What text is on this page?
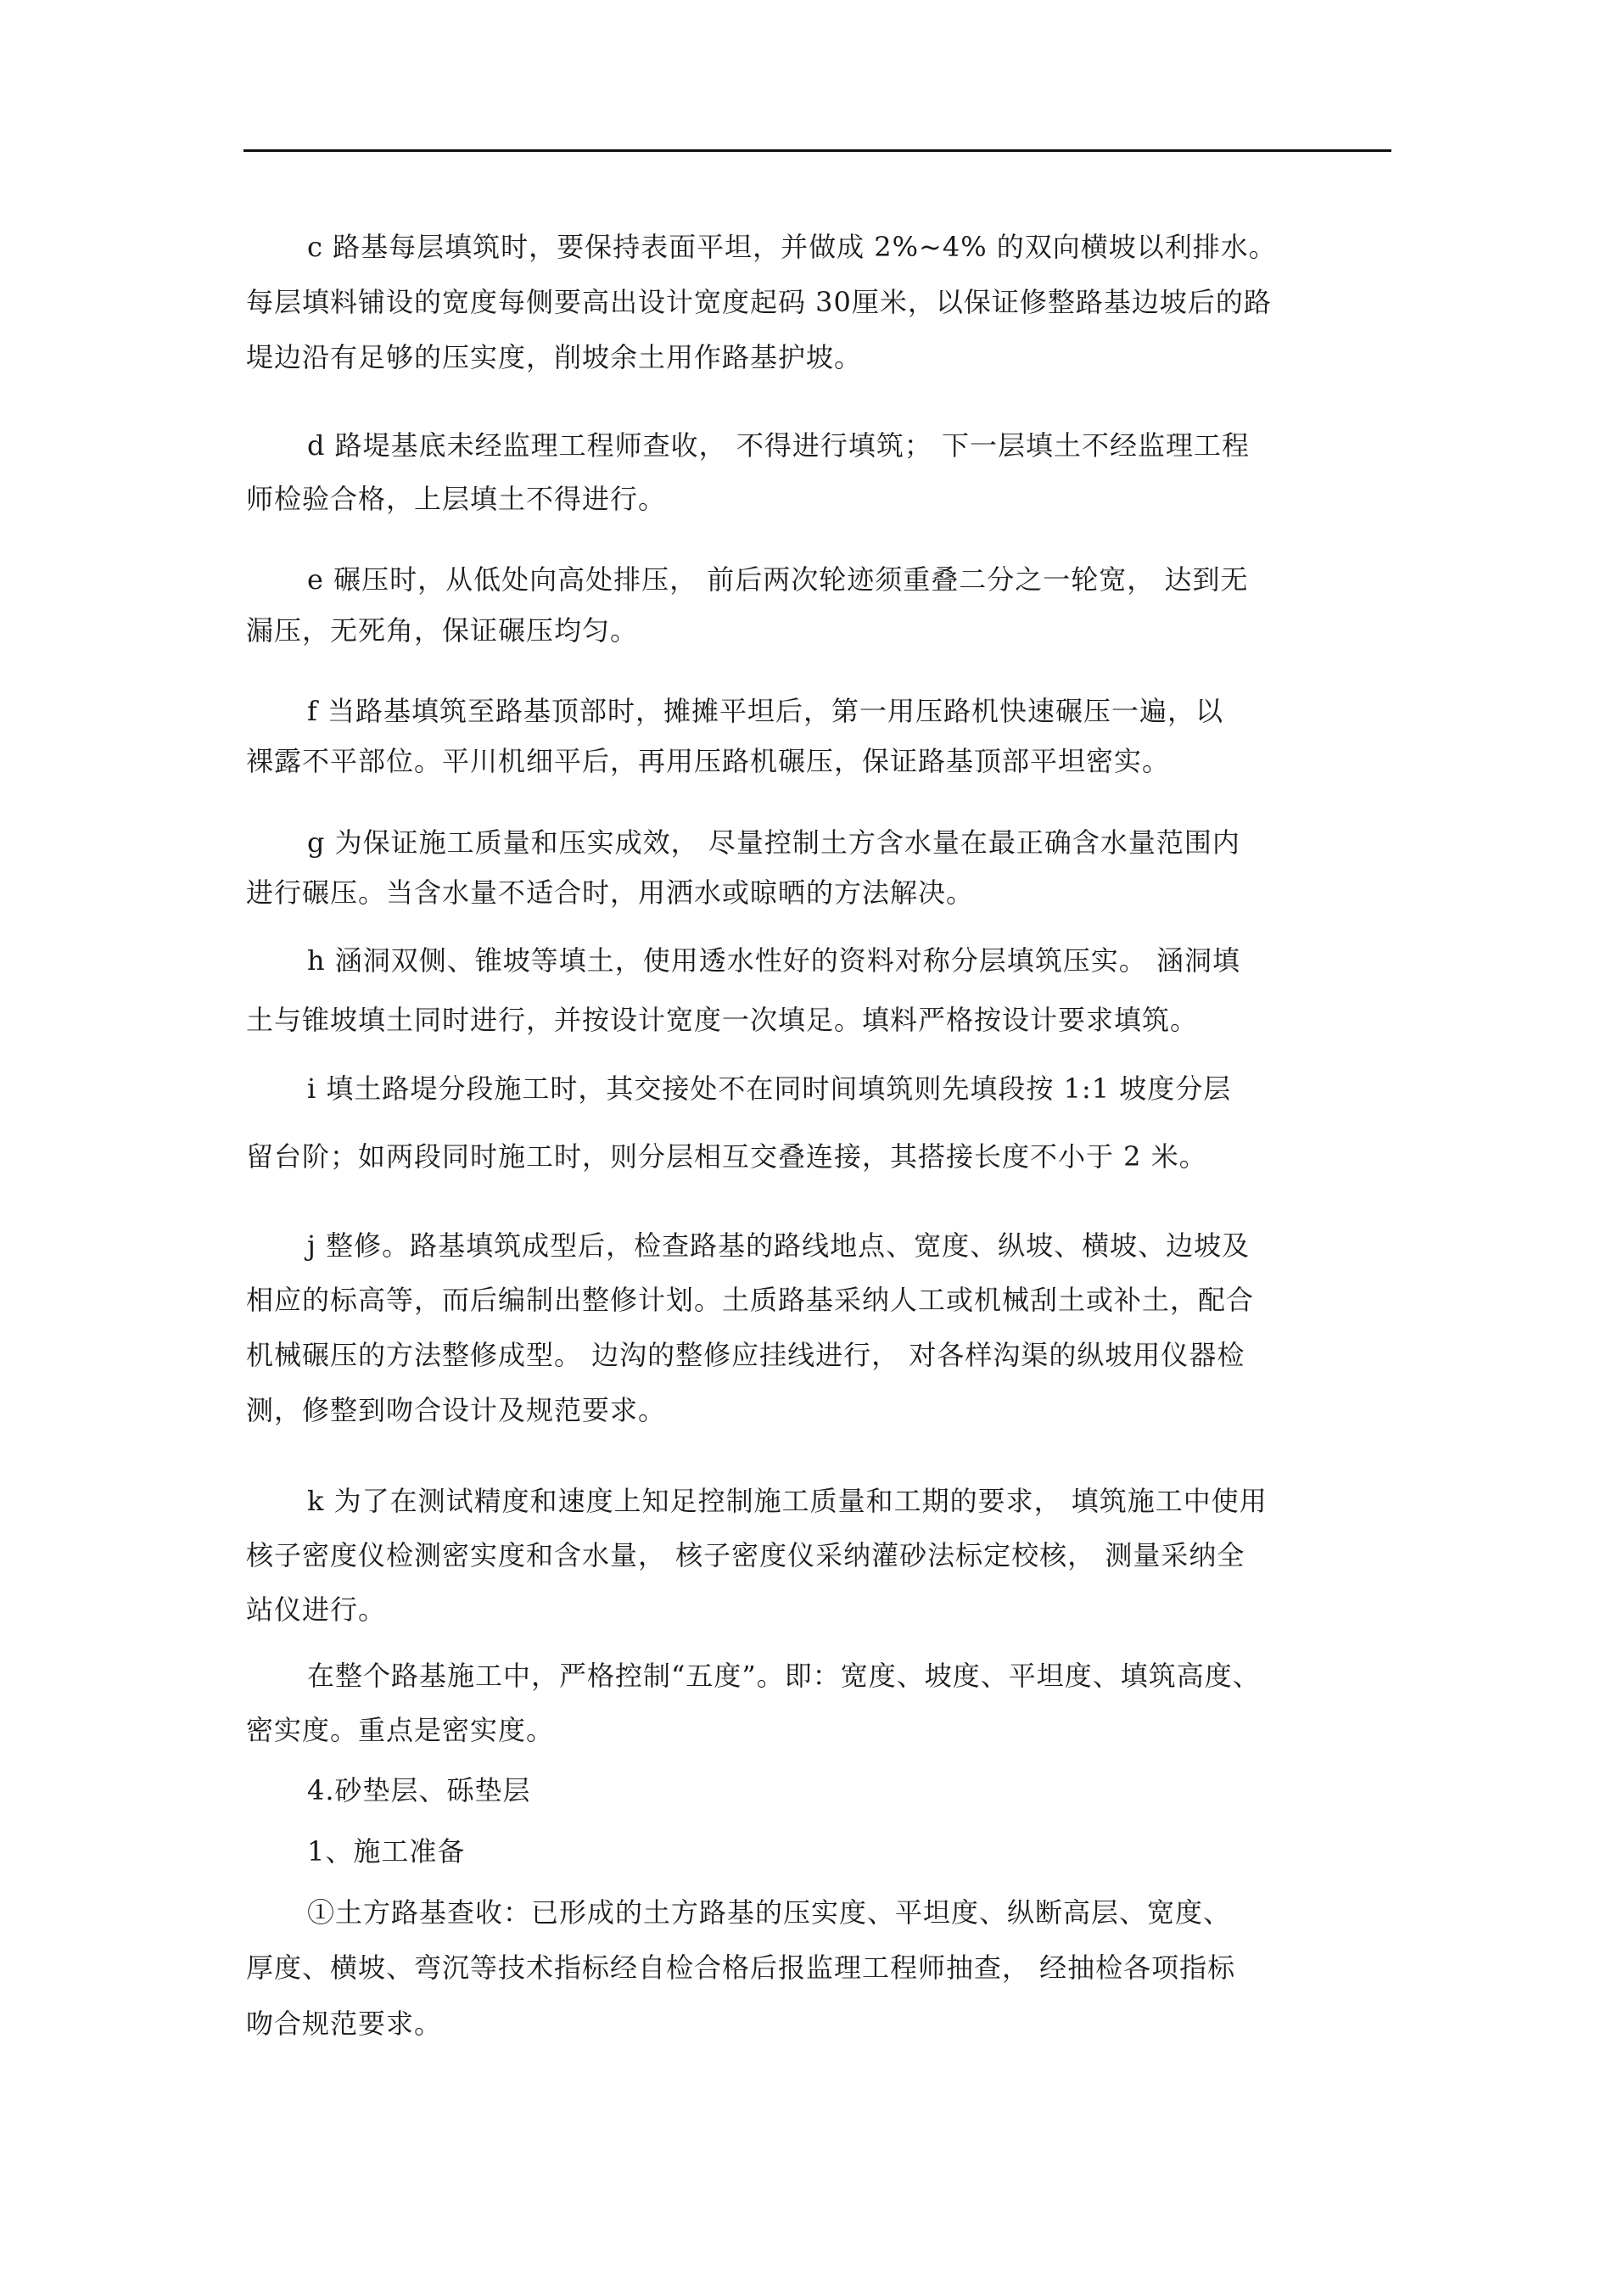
c 路基每层填筑时，要保持表面平坦，并做成 2%~4% 的双向横坡以利排水。
每层填料铺设的宽度每侧要高出设计宽度起码 30厘米，以保证修整路基边坡后的路
堤边沿有足够的压实度，削坡余土用作路基护坡。
d 路堤基底未经监理工程师查收， 不得进行填筑； 下一层填土不经监理工程
师检验合格，上层填土不得进行。
e 碾压时，从低处向高处排压， 前后两次轮迹须重叠二分之一轮宽， 达到无
漏压，无死角，保证碾压均匀。
f 当路基填筑至路基顶部时，摊摊平坦后，第一用压路机快速碾压一遍，以
裸露不平部位。平川机细平后，再用压路机碾压，保证路基顶部平坦密实。
g 为保证施工质量和压实成效， 尽量控制土方含水量在最正确含水量范围内
进行碾压。当含水量不适合时，用洒水或晾晒的方法解决。
h 涵洞双侧、锥坡等填土，使用透水性好的资料对称分层填筑压实。 涵洞填
土与锥坡填土同时进行，并按设计宽度一次填足。填料严格按设计要求填筑。
i 填土路堤分段施工时，其交接处不在同时间填筑则先填段按 1:1 坡度分层
留台阶；如两段同时施工时，则分层相互交叠连接，其搭接长度不小于 2 米。
j 整修。路基填筑成型后，检查路基的路线地点、宽度、纵坡、横坡、边坡及
相应的标高等，而后编制出整修计划。土质路基采纳人工或机械刮土或补土，配合
机械碾压的方法整修成型。 边沟的整修应挂线进行， 对各样沟渠的纵坡用仪器检
测，修整到吻合设计及规范要求。
k 为了在测试精度和速度上知足控制施工质量和工期的要求， 填筑施工中使用
核子密度仪检测密实度和含水量， 核子密度仪采纳灌砂法标定校核， 测量采纳全
站仪进行。
在整个路基施工中，严格控制“五度”。即：宽度、坡度、平坦度、填筑高度、
密实度。重点是密实度。
4.砂垫层、砾垫层
1、施工准备
①土方路基查收：已形成的土方路基的压实度、平坦度、纵断高层、宽度、
厚度、横坡、弯沉等技术指标经自检合格后报监理工程师抽查， 经抽检各项指标
吻合规范要求。
